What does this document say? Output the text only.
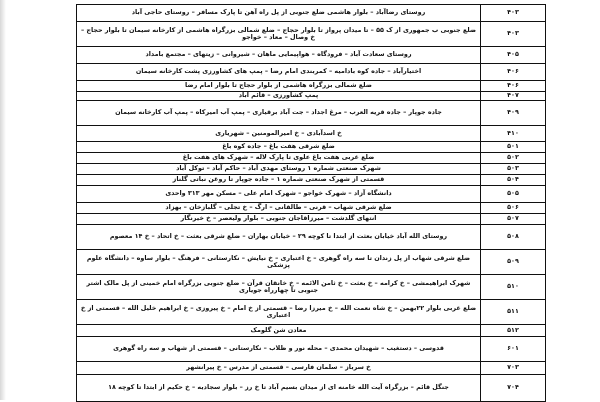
۴۰۳	روستای رضاآباد – بلوار هاشمی ضلع جنوبی از پل راه آهن تا پارک مسافر – روستای حاجی آباد
۴۰۳	ضلع جنوبی ب جمهوری از ک ۵۵ – تا میدان پرواز تا بلوار حجاج – ضلع شمالی بزرگراه هاشمی از کارخانه سیمان تا بلوار حجاج – خ وصال – معاد – خواجو
۴۰۵	روستای سعادت آباد – فرودگاه – هواپیمایی ماهان – شیروانی – زیتهای – مجتمع بامداد
۴۰۶	اختیارآباد – جاده کوه بادامیه – کمربندی امام رضا – پمپ های کشاورزی پشت کارخانه سیمان
۴۰۶	ضلع شمالی بزرگراه هاشمی از بلوار حجاج تا بلوار امام رضا
۴۰۷	پمپ کشاورزی – قائم آباد
۴۰۹	جاده جوپار – جاده قریه العرب – مرغ اجداد – جت آباد برقیاری – پمپ آب امیرکاه – پمپ آب کارخانه سیمان
۴۱۰	خ اسدآبادی – خ امیرالمومنین – شهریاری
۵۰۱	ضلع شرقی هفت باغ – جاده کوه باغ
۵۰۲	ضلع غربی هفت باغ علوی تا پارک لاله – شهرک های هفت باغ
۵۰۳	شهرک صنعتی شماره ۱ روستای مهدی آباد – حاکم آباد – توکل آباد
۵۰۴	قسمتی از شهرک صنعتی شماره ۱ – جاده جوپار تا روغن نباتی گلناز
۵۰۵	دانشگاه آزاد – شهرک خواجو – شهرک امام علی – مسکن مهر ۳۱۳ واحدی
۵۰۶	ضلع شرقی شهاب – قرنی – طالقانی – ارگ – خ تجلی – گلبازخان – بهزاد
۵۰۷	انتهای گلدشت – میرزاقاجان جنوبی – بلوار ولیعصر – خ خیرنگار
۵۰۸	روستای الله آباد خیابان بعثت از ابتدا تا کوچه ۲۹ – خیابان بهاران – ضلع شرقی بعثت – خ اتحاد – خ ۱۴ معصوم
۵۰۹	ضلع شرقی شهاب از پل زندان تا سه راه گوهری – خ اعتباری – خ نیایش – نکارستانی – فرهنگ – بلوار ساوه – دانشگاه علوم پزشکی
۵۱۰	شهرک ابراهیمشی – خ کرامه – خ بعثت – خ ثامن الائمه – خ خانقان قرآن – ضلع جنوبی بزرگراه امام خمینی از پل مالک اشتر جنوبی تا چهارراه جویاری
۵۱۱	ضلع غربی بلوار ۲۲بهمن – خ شاه نعمت الله – خ میرزا رضا – قسمتی از خ امام – خ پیروزی – خ ابراهیم خلیل الله – قسمتی از خ اعتباری
۵۱۲	معادن شن گلومک
۶۰۱	قدوسی – دستغیب – شهیدان محمدی – محله نور و ظلاب – نکارستانی – قسمتی از شهاب و سه راه گوهری
۷۰۳	خ سرباز – سلمان فارسی – قسمتی از مدرس – خ پیرانشهر
۷۰۴	جنگل قائم – بزرگراه آیت الله خامنه ای از میدان بسیم آباد تا خ رز – بلوار سجادیه – خ حکیم از ابتدا تا کوچه ۱۸
